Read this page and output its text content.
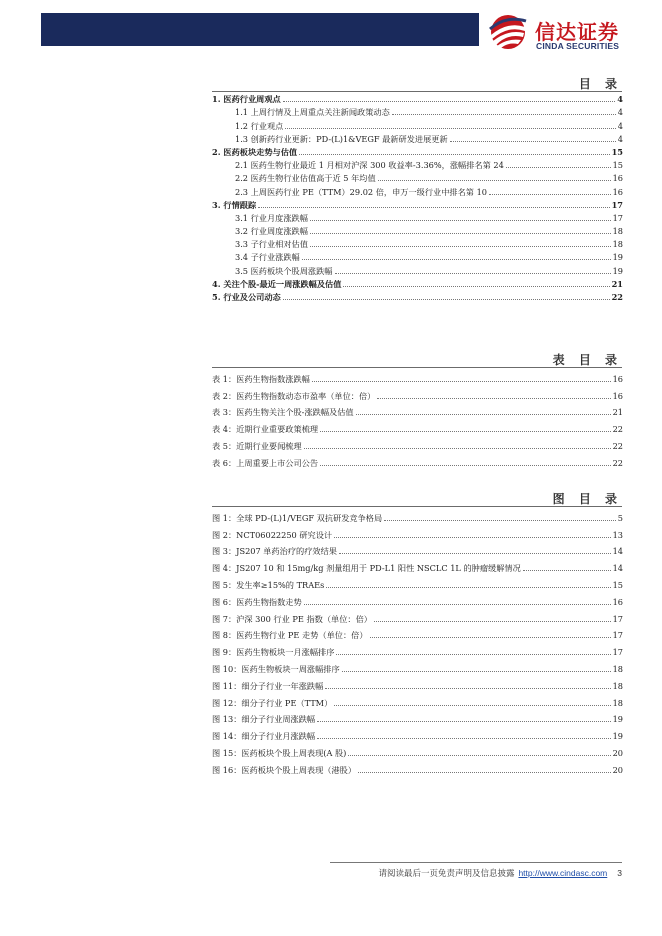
信达证券
CINDA SECURITIES
目 录
1. 医药行业周观点	4
1.1 上周行情及上周重点关注新闻政策动态	4
1.2 行业观点	4
1.3 创新药行业更新：PD-(L)1&VEGF 最新研发进展更新	4
2. 医药板块走势与估值	15
2.1 医药生物行业最近 1 月相对沪深 300 收益率-3.36%，涨幅排名第 24	15
2.2 医药生物行业估值高于近 5 年均值	16
2.3 上周医药行业 PE（TTM）29.02 倍，申万一级行业中排名第 10	16
3. 行情跟踪	17
3.1 行业月度涨跌幅	17
3.2 行业周度涨跌幅	18
3.3 子行业相对估值	18
3.4 子行业涨跌幅	19
3.5 医药板块个股周涨跌幅	19
4. 关注个股-最近一周涨跌幅及估值	21
5. 行业及公司动态	22
表 目 录
表 1：医药生物指数涨跌幅	16
表 2：医药生物指数动态市盈率（单位：倍）	16
表 3：医药生物关注个股-涨跌幅及估值	21
表 4：近期行业重要政策梳理	22
表 5：近期行业要闻梳理	22
表 6：上周重要上市公司公告	22
图 目 录
图 1：全球 PD-(L)1/VEGF 双抗研发竞争格局	5
图 2：NCT06022250 研究设计	13
图 3：JS207 单药治疗的疗效结果	14
图 4：JS207 10 和 15mg/kg 剂量组用于 PD-L1 阳性 NSCLC 1L 的肿瘤缓解情况	14
图 5：发生率≥15%的 TRAEs	15
图 6：医药生物指数走势	16
图 7：沪深 300 行业 PE 指数（单位：倍）	17
图 8：医药生物行业 PE 走势（单位：倍）	17
图 9：医药生物板块一月涨幅排序	17
图 10：医药生物板块一周涨幅排序	18
图 11：细分子行业一年涨跌幅	18
图 12：细分子行业 PE（TTM）	18
图 13：细分子行业周涨跌幅	19
图 14：细分子行业月涨跌幅	19
图 15：医药板块个股上周表现(A 股)	20
图 16：医药板块个股上周表现（港股）	20
请阅读最后一页免责声明及信息披露 http://www.cindasc.com 3
